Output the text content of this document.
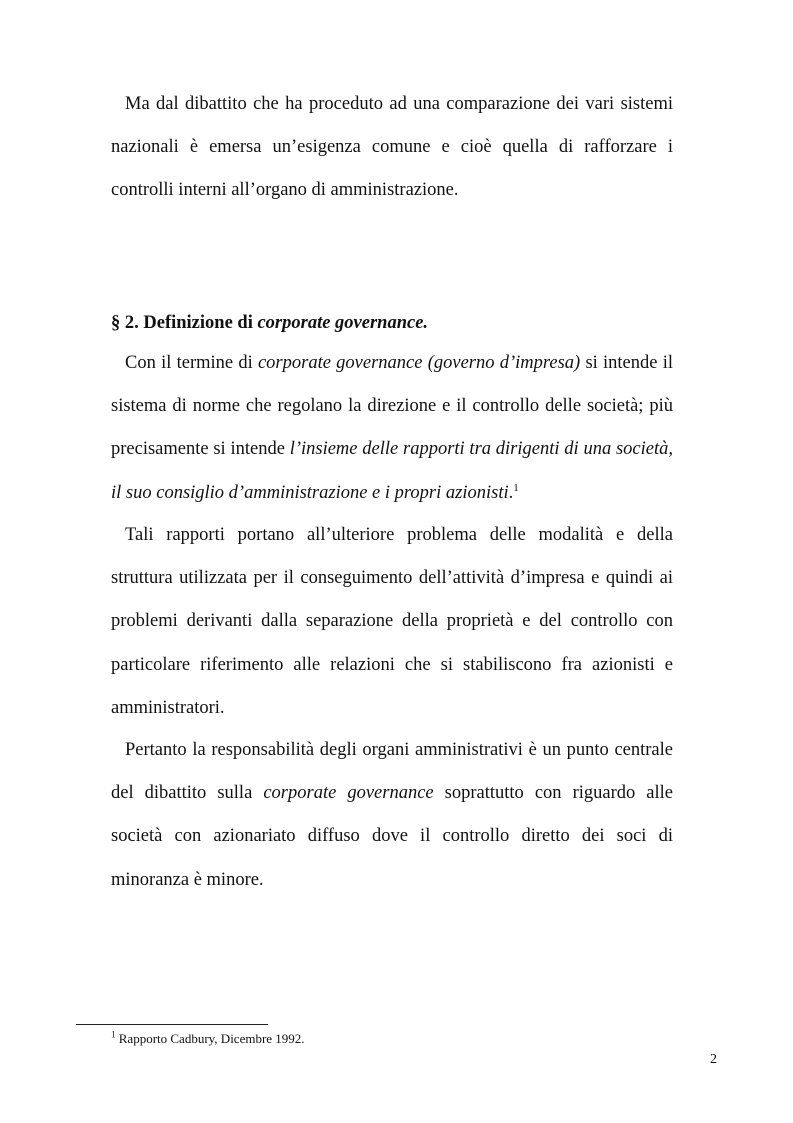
Ma dal dibattito che ha proceduto ad una comparazione dei vari sistemi nazionali è emersa un’esigenza comune e cioè quella di rafforzare i controlli interni all’organo di amministrazione.

§ 2. Definizione di corporate governance.

Con il termine di corporate governance (governo d’impresa) si intende il sistema di norme che regolano la direzione e il controllo delle società; più precisamente si intende l’insieme delle rapporti tra dirigenti di una società, il suo consiglio d’amministrazione e i propri azionisti.$^1$

Tali rapporti portano all’ulteriore problema delle modalità e della struttura utilizzata per il conseguimento dell’attività d’impresa e quindi ai problemi derivanti dalla separazione della proprietà e del controllo con particolare riferimento alle relazioni che si stabiliscono fra azionisti e amministratori.

Pertanto la responsabilità degli organi amministrativi è un punto centrale del dibattito sulla corporate governance soprattutto con riguardo alle società con azionariato diffuso dove il controllo diretto dei soci di minoranza è minore.

$^1$ Rapporto Cadbury, Dicembre 1992.
2
